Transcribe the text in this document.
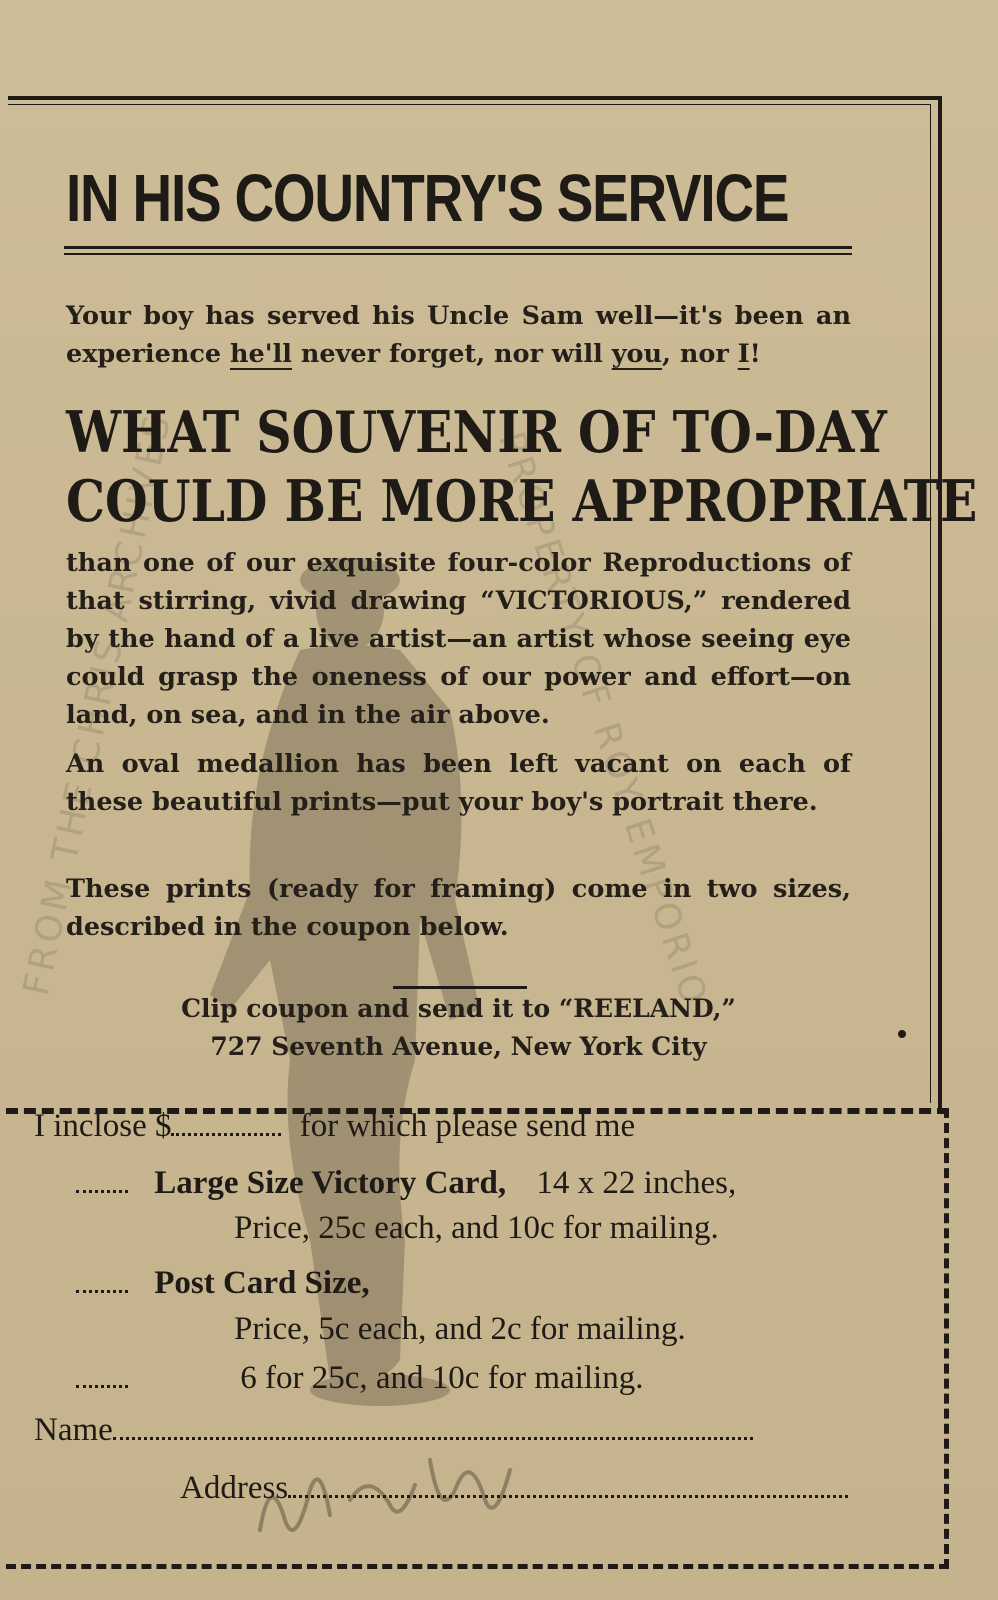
FROM THE CHRIS ARCHIVES	PROPERTY OF ROY EMPORIO
IN HIS COUNTRY'S SERVICE
Your boy has served his Uncle Sam well—it's been an experience he'll never forget, nor will you, nor I!
WHAT SOUVENIR OF TO-DAY
COULD BE MORE APPROPRIATE
than one of our exquisite four-color Reproductions of that stirring, vivid drawing “VICTORIOUS,” rendered by the hand of a live artist—an artist whose seeing eye could grasp the oneness of our power and effort—on land, on sea, and in the air above.
An oval medallion has been left vacant on each of these beautiful prints—put your boy's portrait there.
These prints (ready for framing) come in two sizes, described in the coupon below.
Clip coupon and send it to “REELAND,”
727 Seventh Avenue, New York City
I inclose $	for which please send me
Large Size Victory Card, 14 x 22 inches,
Price, 25c each, and 10c for mailing.
Post Card Size,
Price, 5c each, and 2c for mailing.
6 for 25c, and 10c for mailing.
Name
Address
